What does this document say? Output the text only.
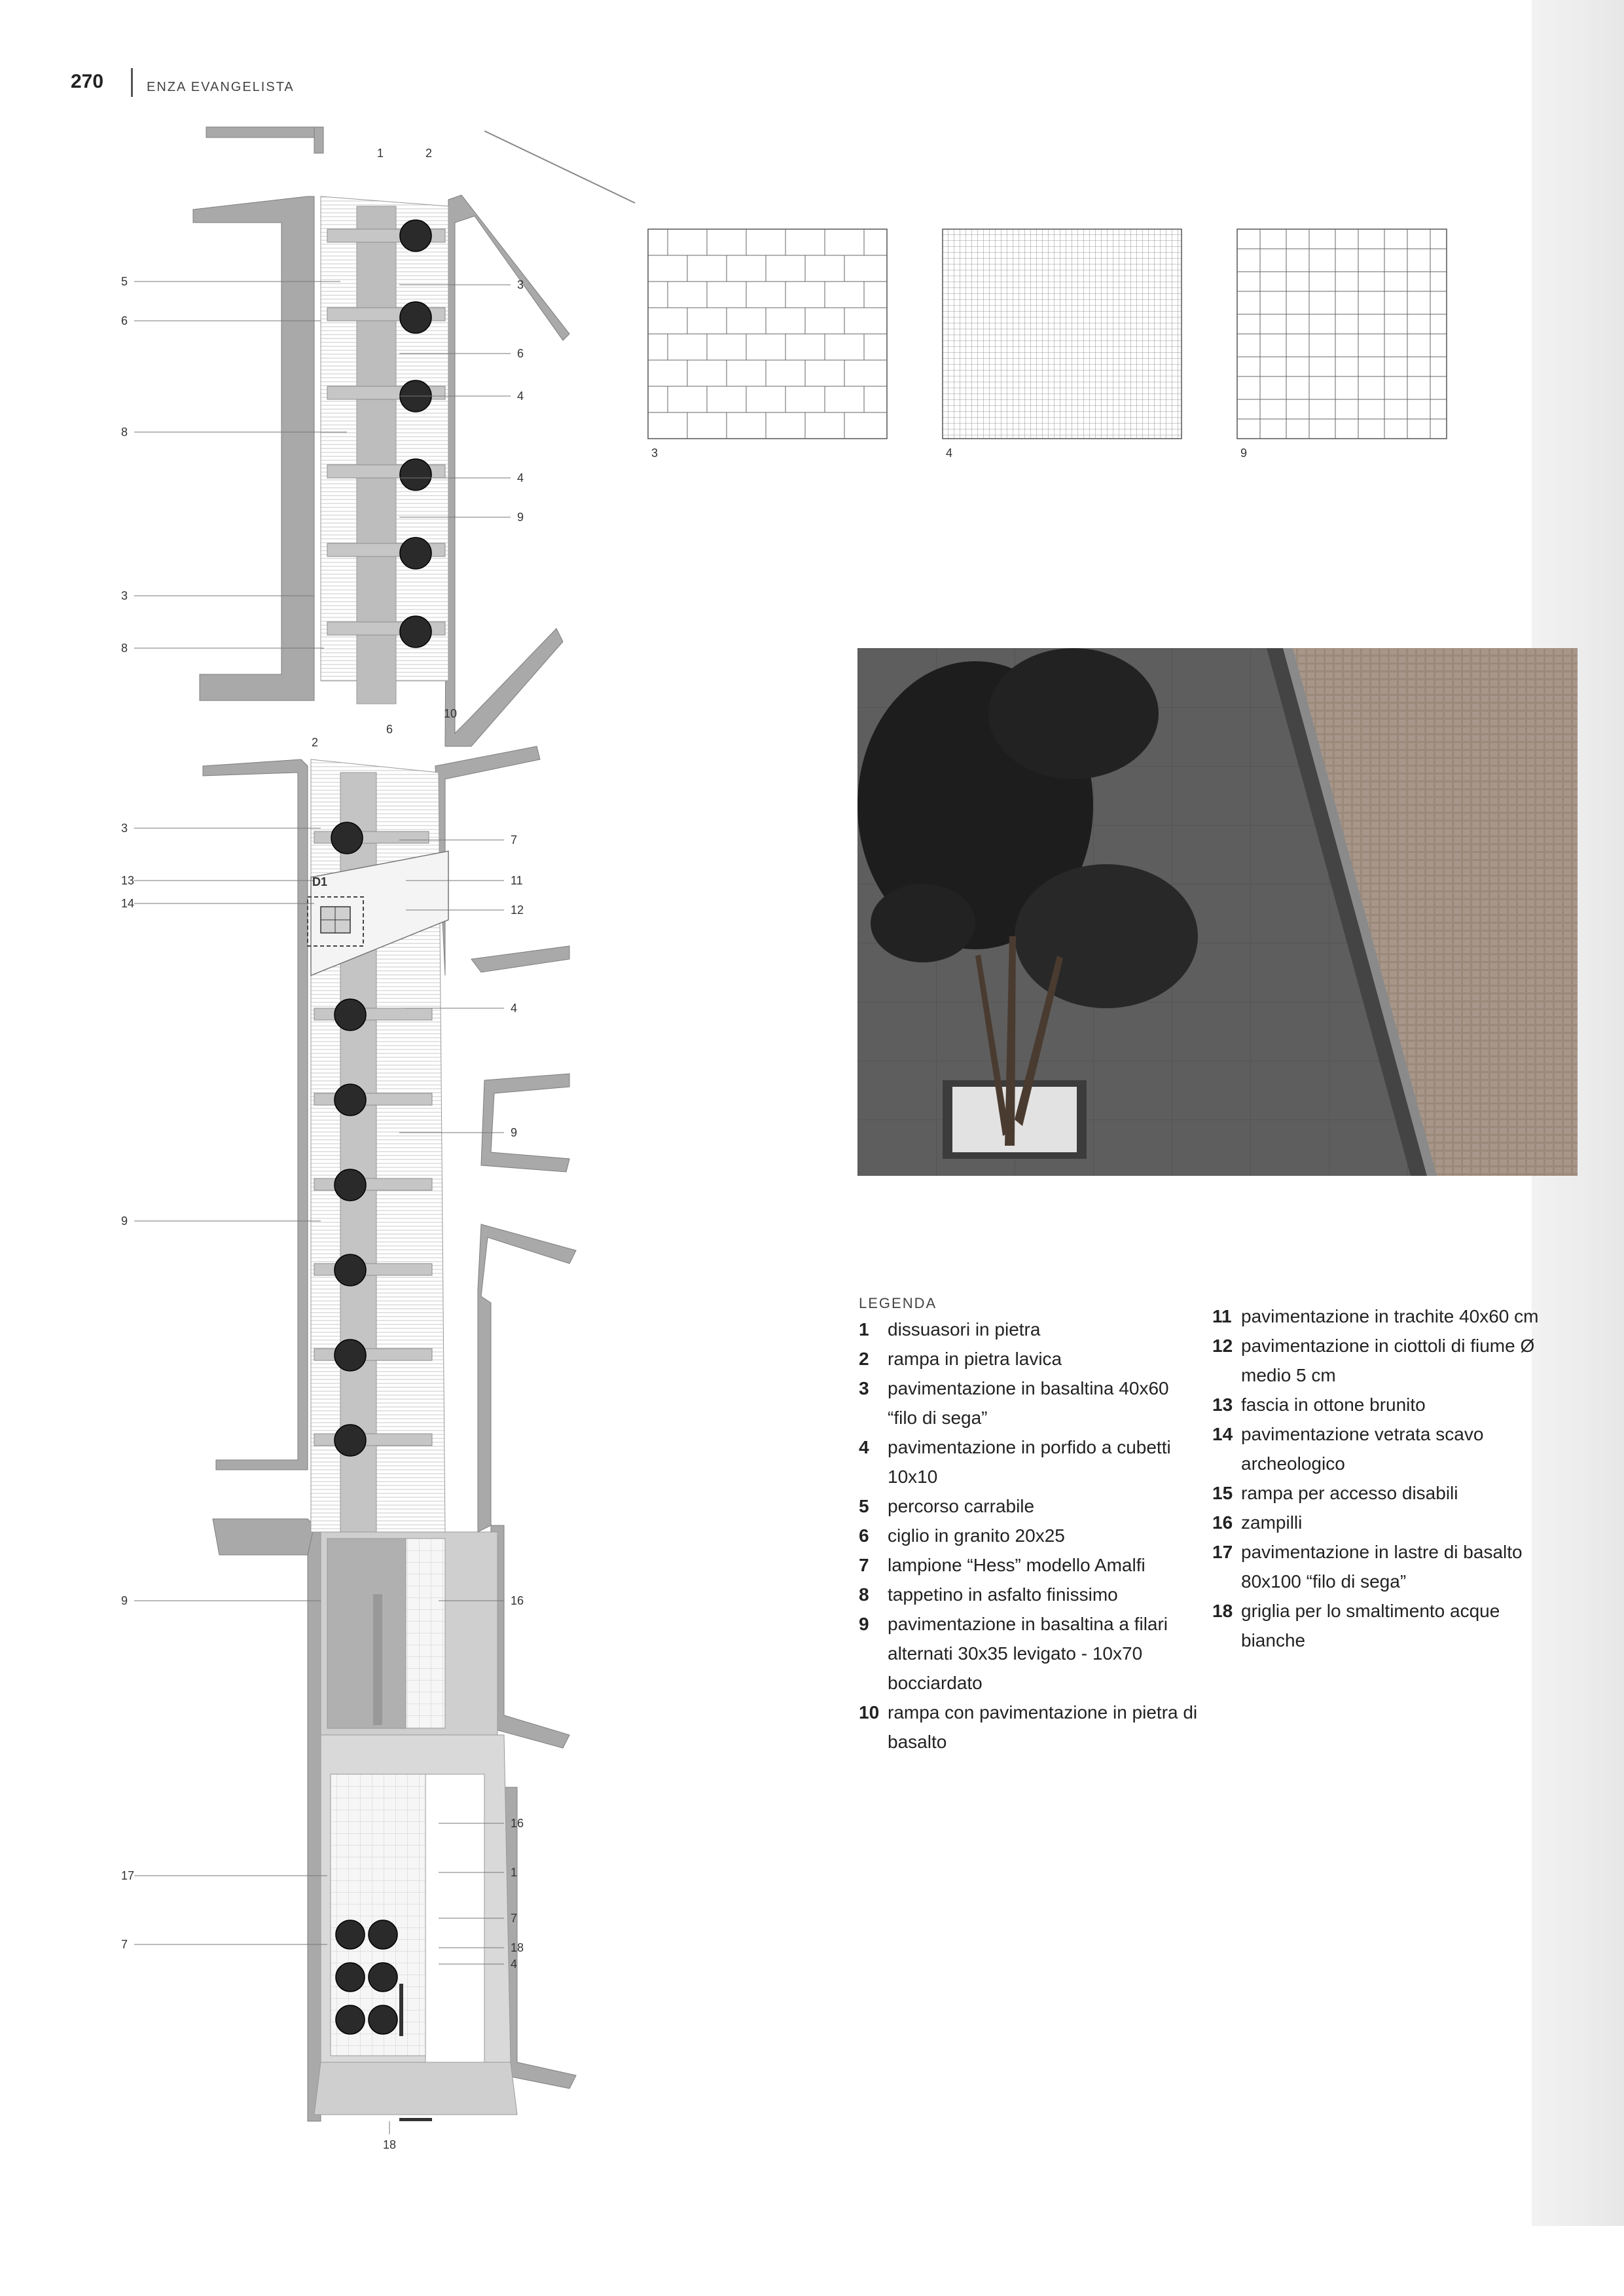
270	ENZA EVANGELISTA
1	2
5
6
8
3
8
2
6
3
13
14
9
9
17
7
3
6
4
4
9
10
7
11
12
4
9
16
16
1
7
18
4
D1
18
3	4	9
LEGENDA
1 dissuasori in pietra
2 rampa in pietra lavica
3 pavimentazione in basaltina 40x60 “filo di sega”
4 pavimentazione in porfido a cubetti 10x10
5 percorso carrabile
6 ciglio in granito 20x25
7 lampione “Hess” modello Amalfi
8 tappetino in asfalto finissimo
9 pavimentazione in basaltina a filari alternati 30x35 levigato - 10x70 bocciardato
10 rampa con pavimentazione in pietra di basalto
11 pavimentazione in trachite 40x60 cm
12 pavimentazione in ciottoli di fiume Ø medio 5 cm
13 fascia in ottone brunito
14 pavimentazione vetrata scavo archeologico
15 rampa per accesso disabili
16 zampilli
17 pavimentazione in lastre di basalto 80x100 “filo di sega”
18 griglia per lo smaltimento acque bianche
